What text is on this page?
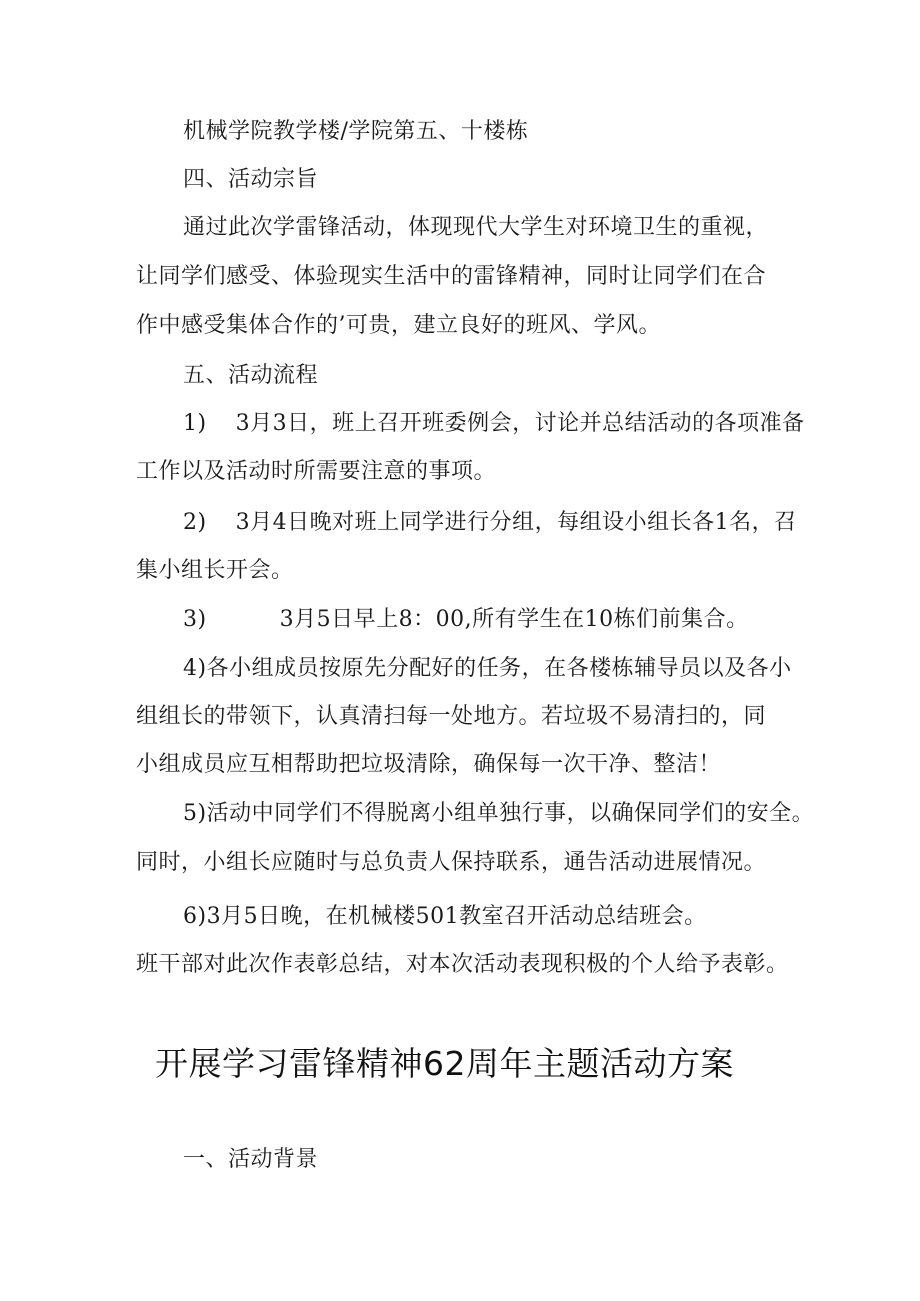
机械学院教学楼/学院第五、十楼栋
四、活动宗旨
通过此次学雷锋活动，体现现代大学生对环境卫生的重视，
让同学们感受、体验现实生活中的雷锋精神，同时让同学们在合
作中感受集体合作的’可贵，建立良好的班风、学风。
五、活动流程
1) 3月3日，班上召开班委例会，讨论并总结活动的各项准备
工作以及活动时所需要注意的事项。
2) 3月4日晚对班上同学进行分组，每组设小组长各1名，召
集小组长开会。
3)	3月5日早上8：00,所有学生在10栋们前集合。
4)各小组成员按原先分配好的任务，在各楼栋辅导员以及各小
组组长的带领下，认真清扫每一处地方。若垃圾不易清扫的，同
小组成员应互相帮助把垃圾清除，确保每一次干净、整洁！
5)活动中同学们不得脱离小组单独行事，以确保同学们的安全。
同时，小组长应随时与总负责人保持联系，通告活动进展情况。
6)3月5日晚，在机械楼501教室召开活动总结班会。
班干部对此次作表彰总结，对本次活动表现积极的个人给予表彰。
开展学习雷锋精神62周年主题活动方案
一、活动背景
